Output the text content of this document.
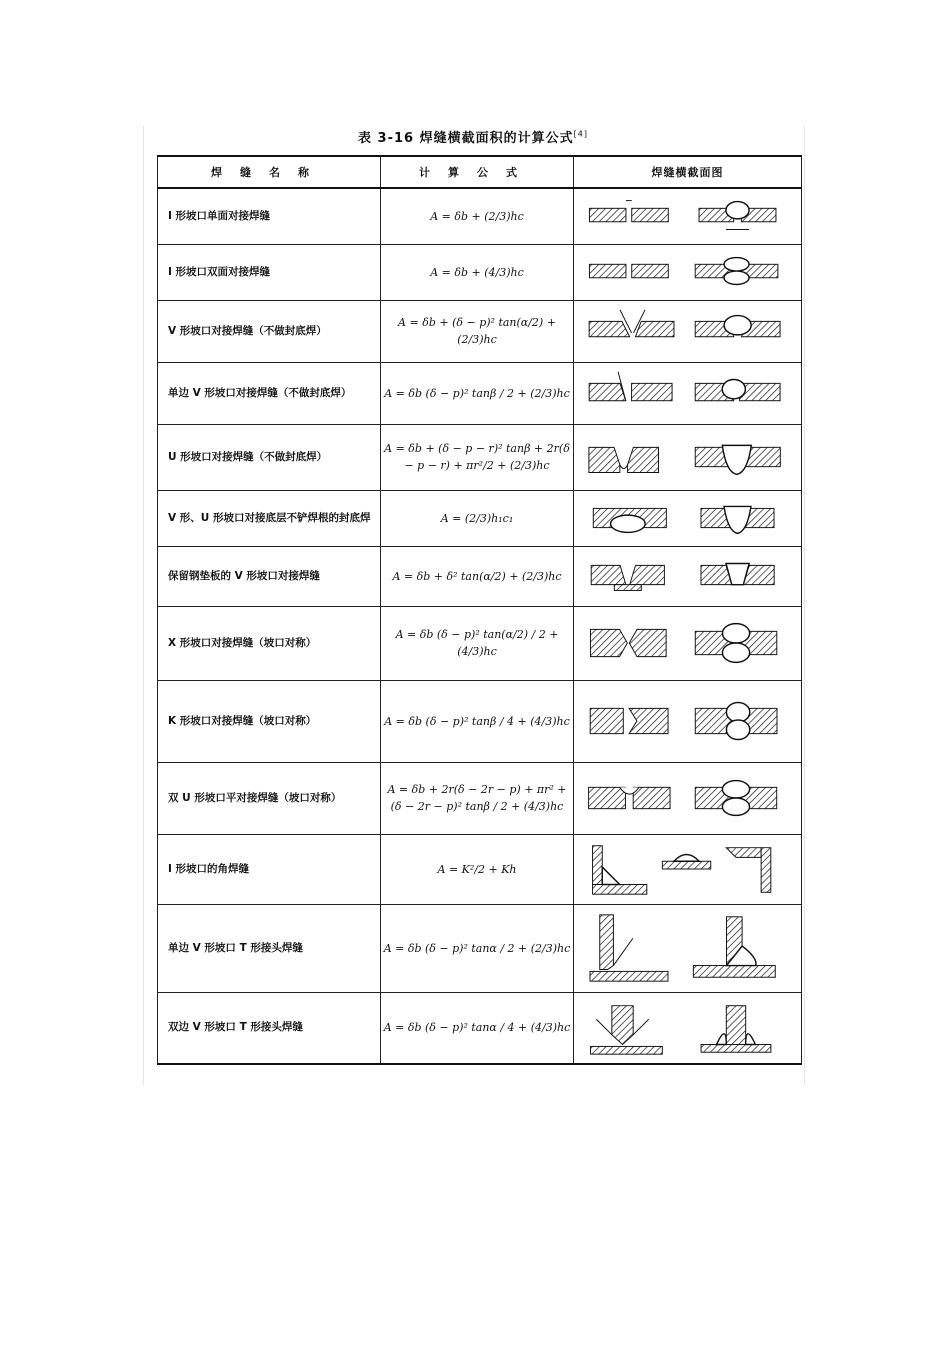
表 3-16 焊缝横截面积的计算公式[4]
焊缝名称	计算公式	焊缝横截面图
I 形坡口单面对接焊缝	A = δb + (2/3)hc	

I 形坡口双面对接焊缝	A = δb + (4/3)hc	

V 形坡口对接焊缝（不做封底焊）	A = δb + (δ − p)² tan(α/2) + (2/3)hc	

单边 V 形坡口对接焊缝（不做封底焊）	A = δb (δ − p)² tanβ / 2 + (2/3)hc	

U 形坡口对接焊缝（不做封底焊）	A = δb + (δ − p − r)² tanβ + 2r(δ − p − r) + πr²/2 + (2/3)hc	

V 形、U 形坡口对接底层不铲焊根的封底焊	A = (2/3)h₁c₁	

保留钢垫板的 V 形坡口对接焊缝	A = δb + δ² tan(α/2) + (2/3)hc	

X 形坡口对接焊缝（坡口对称）	A = δb (δ − p)² tan(α/2) / 2 + (4/3)hc	

K 形坡口对接焊缝（坡口对称）	A = δb (δ − p)² tanβ / 4 + (4/3)hc	

双 U 形坡口平对接焊缝（坡口对称）	A = δb + 2r(δ − 2r − p) + πr² + (δ − 2r − p)² tanβ / 2 + (4/3)hc	

I 形坡口的角焊缝	A = K²/2 + Kh	

单边 V 形坡口 T 形接头焊缝	A = δb (δ − p)² tanα / 2 + (2/3)hc	

双边 V 形坡口 T 形接头焊缝	A = δb (δ − p)² tanα / 4 + (4/3)hc	
